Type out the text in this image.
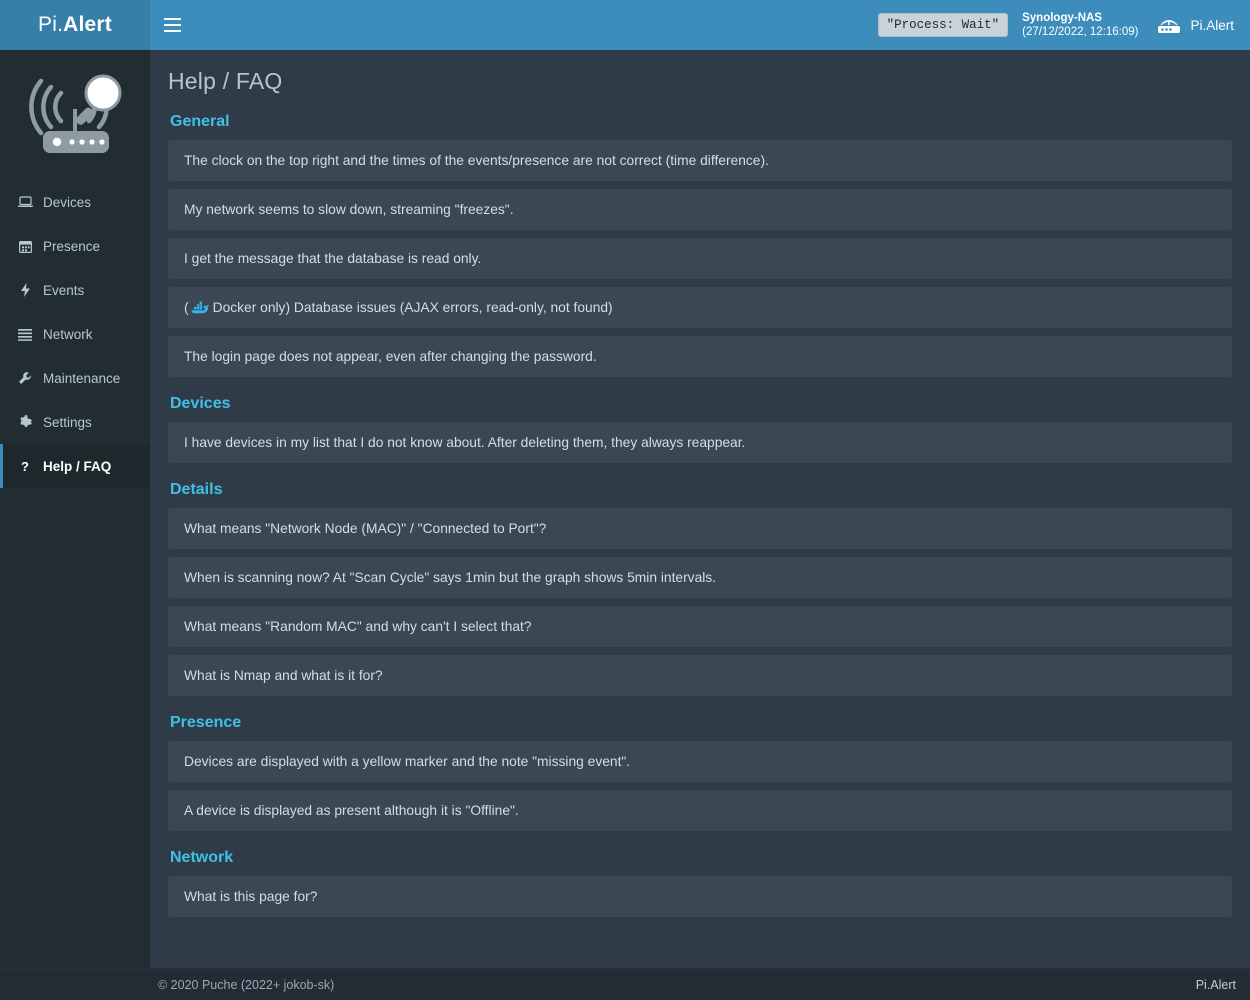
Pi. Alert	"Process: Wait"	Synology-NAS
(27/12/2022, 12:16:09)	Pi.Alert
Devices
Presence
Events
Network
Maintenance
Settings
? Help / FAQ
Help / FAQ
General
The clock on the top right and the times of the events/presence are not correct (time difference).
My network seems to slow down, streaming "freezes".
I get the message that the database is read only.
( Docker only) Database issues (AJAX errors, read-only, not found)
The login page does not appear, even after changing the password.
Devices
I have devices in my list that I do not know about. After deleting them, they always reappear.
Details
What means "Network Node (MAC)" / "Connected to Port"?
When is scanning now? At "Scan Cycle" says 1min but the graph shows 5min intervals.
What means "Random MAC" and why can't I select that?
What is Nmap and what is it for?
Presence
Devices are displayed with a yellow marker and the note "missing event".
A device is displayed as present although it is "Offline".
Network
What is this page for?
© 2020 Puche (2022+ jokob-sk)	Pi.Alert
